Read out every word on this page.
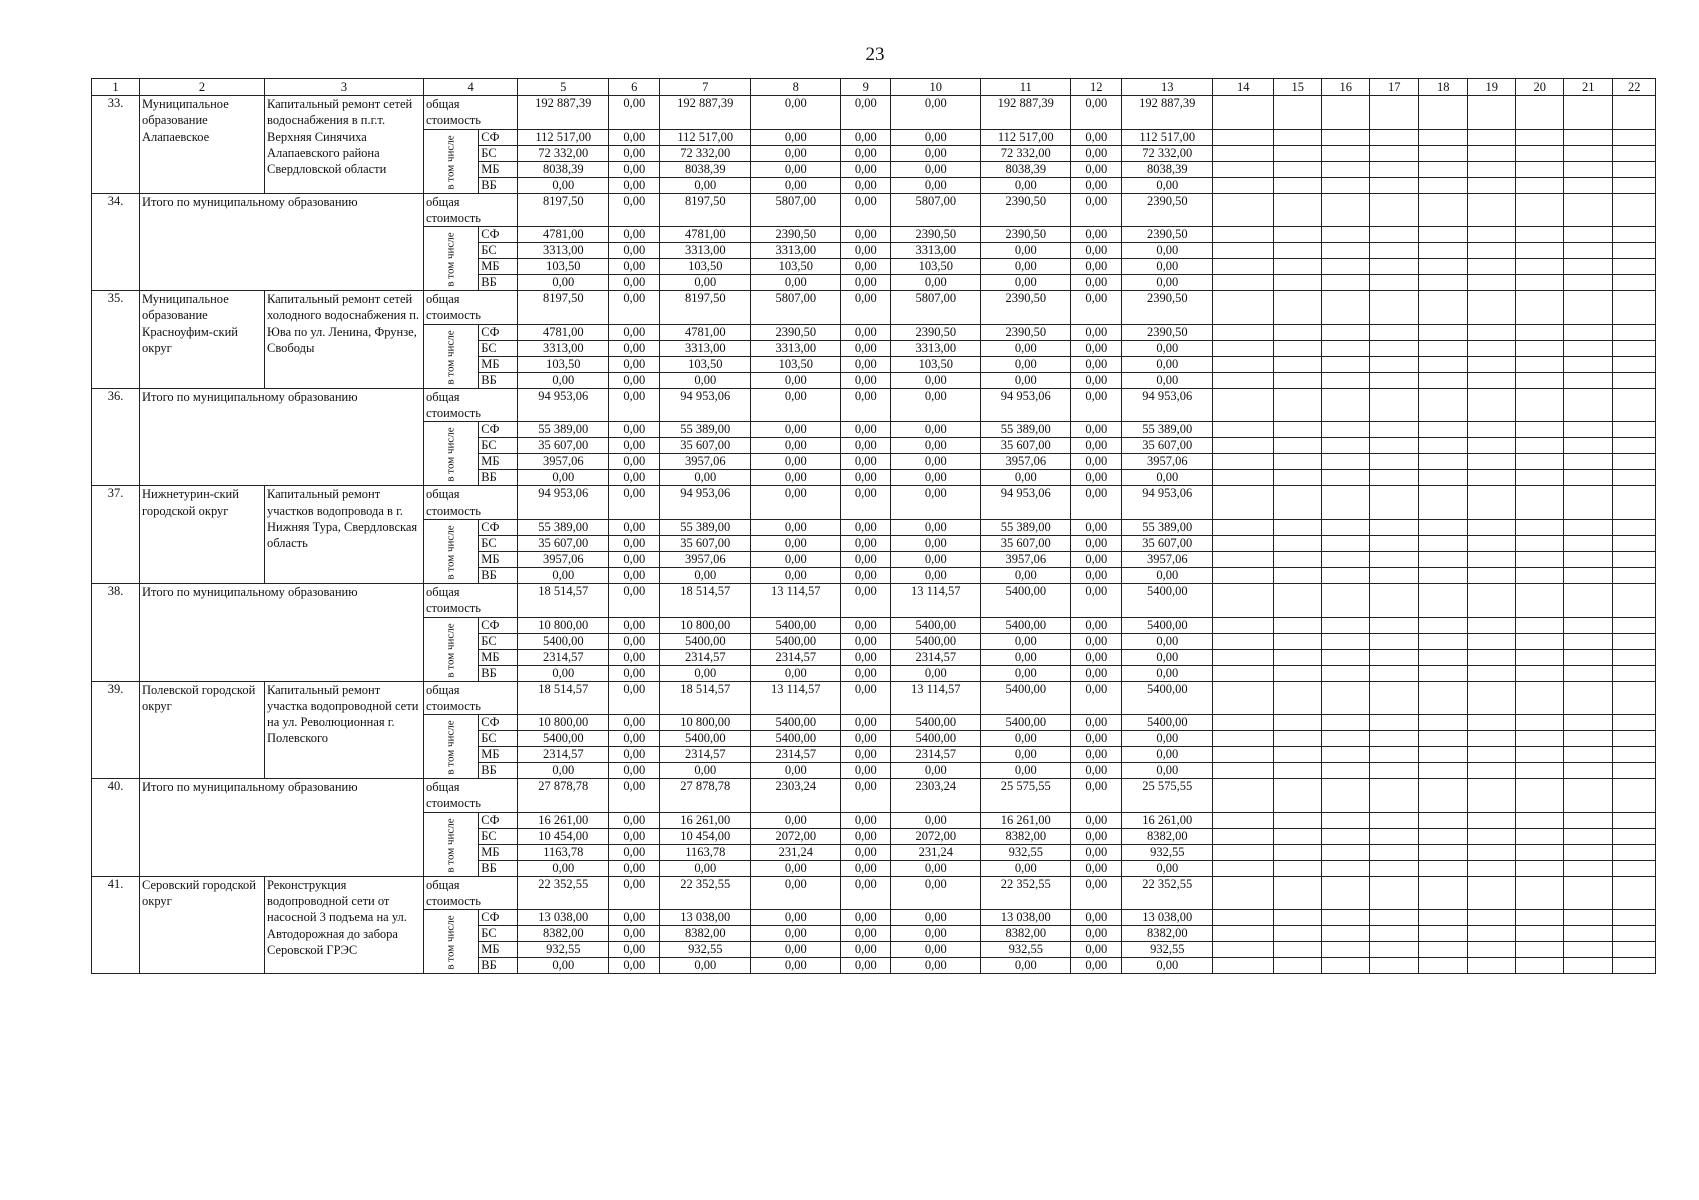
23
1	2	3	4		5	6	7	8	9	10	11	12	13	14	15	16	17	18	19	20	21	22
33.	Муниципальное образование Алапаевское	Капитальный ремонт сетей водоснабжения в п.г.т. Верхняя Синячиха Алапаевского района Свердловской области	общая стоимость		192 887,39	0,00	192 887,39	0,00	0,00	0,00	192 887,39	0,00	192 887,39									
			в том числе	СФ	112 517,00	0,00	112 517,00	0,00	0,00	0,00	112 517,00	0,00	112 517,00									
				БС	72 332,00	0,00	72 332,00	0,00	0,00	0,00	72 332,00	0,00	72 332,00									
				МБ	8038,39	0,00	8038,39	0,00	0,00	0,00	8038,39	0,00	8038,39									
				ВБ	0,00	0,00	0,00	0,00	0,00	0,00	0,00	0,00	0,00									
34.	Итого по муниципальному образованию		общая стоимость		8197,50	0,00	8197,50	5807,00	0,00	5807,00	2390,50	0,00	2390,50									
			в том числе	СФ	4781,00	0,00	4781,00	2390,50	0,00	2390,50	2390,50	0,00	2390,50									
				БС	3313,00	0,00	3313,00	3313,00	0,00	3313,00	0,00	0,00	0,00									
				МБ	103,50	0,00	103,50	103,50	0,00	103,50	0,00	0,00	0,00									
				ВБ	0,00	0,00	0,00	0,00	0,00	0,00	0,00	0,00	0,00									
35.	Муниципальное образование Красноуфим-ский округ	Капитальный ремонт сетей холодного водоснабжения п. Юва по ул. Ленина, Фрунзе, Свободы	общая стоимость		8197,50	0,00	8197,50	5807,00	0,00	5807,00	2390,50	0,00	2390,50									
			в том числе	СФ	4781,00	0,00	4781,00	2390,50	0,00	2390,50	2390,50	0,00	2390,50									
				БС	3313,00	0,00	3313,00	3313,00	0,00	3313,00	0,00	0,00	0,00									
				МБ	103,50	0,00	103,50	103,50	0,00	103,50	0,00	0,00	0,00									
				ВБ	0,00	0,00	0,00	0,00	0,00	0,00	0,00	0,00	0,00									
36.	Итого по муниципальному образованию		общая стоимость		94 953,06	0,00	94 953,06	0,00	0,00	0,00	94 953,06	0,00	94 953,06									
			в том числе	СФ	55 389,00	0,00	55 389,00	0,00	0,00	0,00	55 389,00	0,00	55 389,00									
				БС	35 607,00	0,00	35 607,00	0,00	0,00	0,00	35 607,00	0,00	35 607,00									
				МБ	3957,06	0,00	3957,06	0,00	0,00	0,00	3957,06	0,00	3957,06									
				ВБ	0,00	0,00	0,00	0,00	0,00	0,00	0,00	0,00	0,00									
37.	Нижнетурин-ский городской округ	Капитальный ремонт участков водопровода в г. Нижняя Тура, Свердловская область	общая стоимость		94 953,06	0,00	94 953,06	0,00	0,00	0,00	94 953,06	0,00	94 953,06									
			в том числе	СФ	55 389,00	0,00	55 389,00	0,00	0,00	0,00	55 389,00	0,00	55 389,00									
				БС	35 607,00	0,00	35 607,00	0,00	0,00	0,00	35 607,00	0,00	35 607,00									
				МБ	3957,06	0,00	3957,06	0,00	0,00	0,00	3957,06	0,00	3957,06									
				ВБ	0,00	0,00	0,00	0,00	0,00	0,00	0,00	0,00	0,00									
38.	Итого по муниципальному образованию		общая стоимость		18 514,57	0,00	18 514,57	13 114,57	0,00	13 114,57	5400,00	0,00	5400,00									
			в том числе	СФ	10 800,00	0,00	10 800,00	5400,00	0,00	5400,00	5400,00	0,00	5400,00									
				БС	5400,00	0,00	5400,00	5400,00	0,00	5400,00	0,00	0,00	0,00									
				МБ	2314,57	0,00	2314,57	2314,57	0,00	2314,57	0,00	0,00	0,00									
				ВБ	0,00	0,00	0,00	0,00	0,00	0,00	0,00	0,00	0,00									
39.	Полевской городской округ	Капитальный ремонт участка водопроводной сети на ул. Революционная г. Полевского	общая стоимость		18 514,57	0,00	18 514,57	13 114,57	0,00	13 114,57	5400,00	0,00	5400,00									
			в том числе	СФ	10 800,00	0,00	10 800,00	5400,00	0,00	5400,00	5400,00	0,00	5400,00									
				БС	5400,00	0,00	5400,00	5400,00	0,00	5400,00	0,00	0,00	0,00									
				МБ	2314,57	0,00	2314,57	2314,57	0,00	2314,57	0,00	0,00	0,00									
				ВБ	0,00	0,00	0,00	0,00	0,00	0,00	0,00	0,00	0,00									
40.	Итого по муниципальному образованию		общая стоимость		27 878,78	0,00	27 878,78	2303,24	0,00	2303,24	25 575,55	0,00	25 575,55									
			в том числе	СФ	16 261,00	0,00	16 261,00	0,00	0,00	0,00	16 261,00	0,00	16 261,00									
				БС	10 454,00	0,00	10 454,00	2072,00	0,00	2072,00	8382,00	0,00	8382,00									
				МБ	1163,78	0,00	1163,78	231,24	0,00	231,24	932,55	0,00	932,55									
				ВБ	0,00	0,00	0,00	0,00	0,00	0,00	0,00	0,00	0,00									
41.	Серовский городской округ	Реконструкция водопроводной сети от насосной 3 подъема на ул. Автодорожная до забора Серовской ГРЭС	общая стоимость		22 352,55	0,00	22 352,55	0,00	0,00	0,00	22 352,55	0,00	22 352,55									
			в том числе	СФ	13 038,00	0,00	13 038,00	0,00	0,00	0,00	13 038,00	0,00	13 038,00									
				БС	8382,00	0,00	8382,00	0,00	0,00	0,00	8382,00	0,00	8382,00									
				МБ	932,55	0,00	932,55	0,00	0,00	0,00	932,55	0,00	932,55									
				ВБ	0,00	0,00	0,00	0,00	0,00	0,00	0,00	0,00	0,00									
